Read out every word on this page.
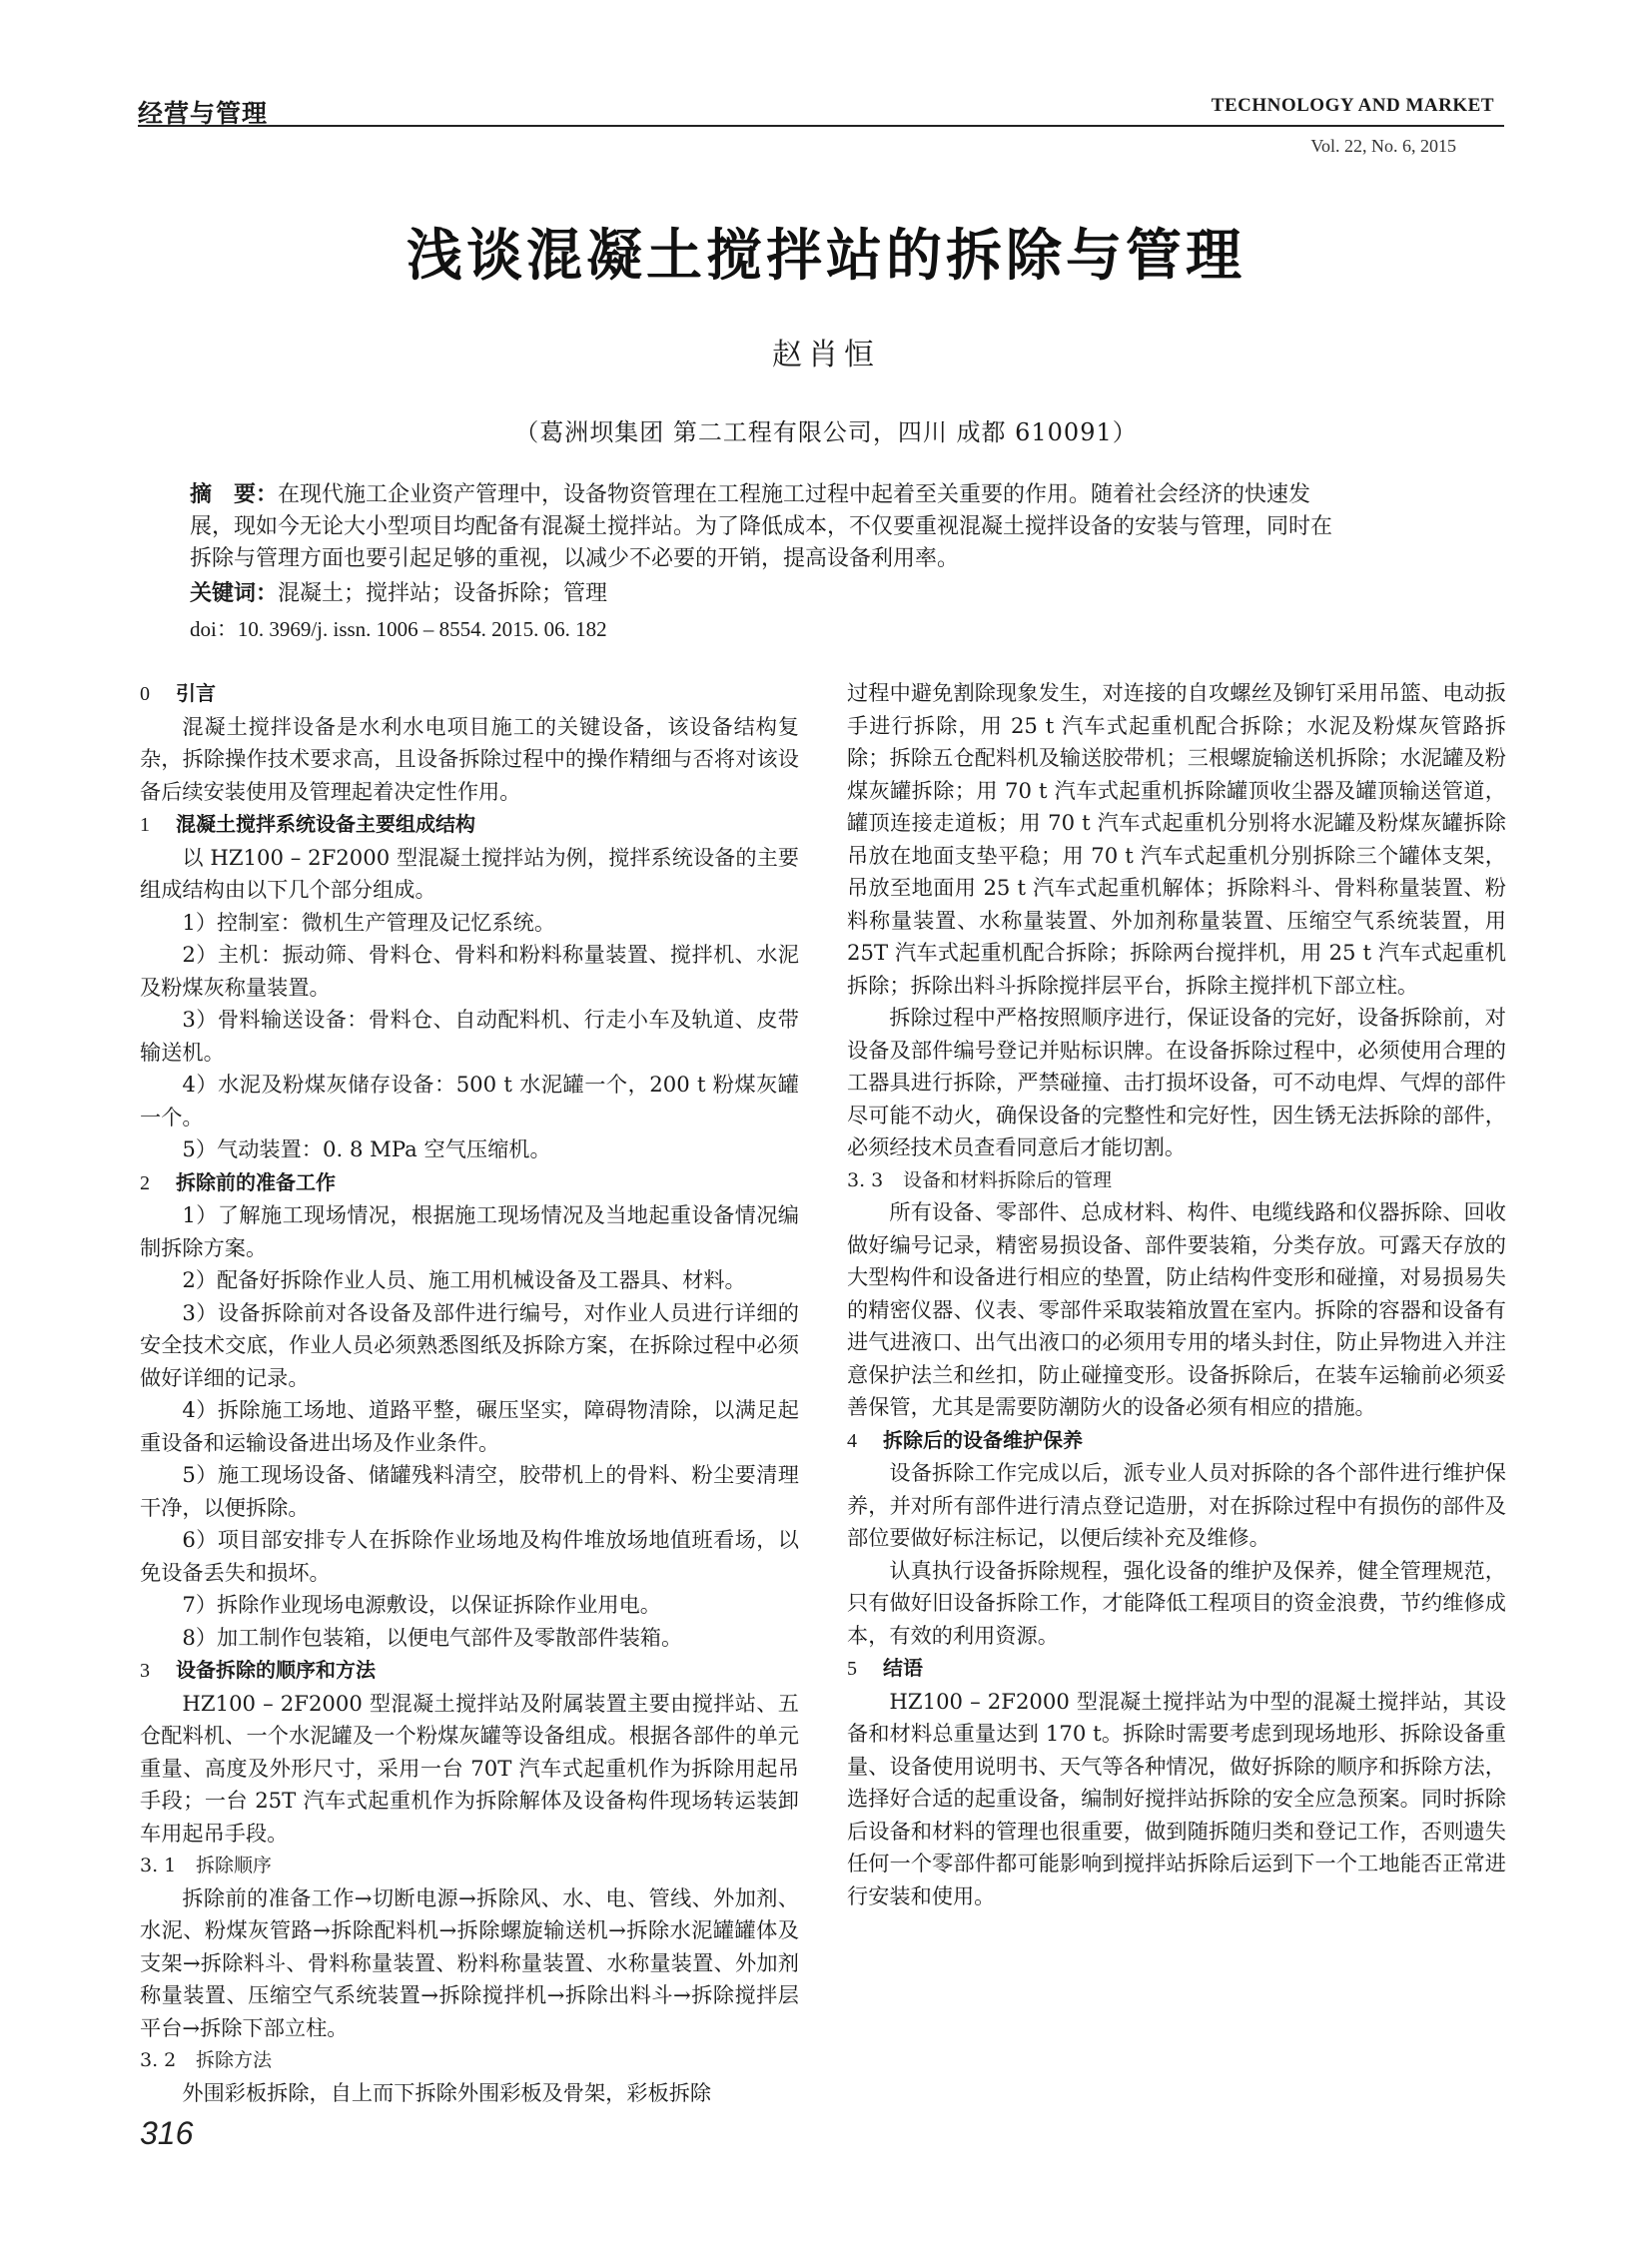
经营与管理	TECHNOLOGY AND MARKET
Vol. 22, No. 6, 2015
浅谈混凝土搅拌站的拆除与管理
赵肖恒
（葛洲坝集团 第二工程有限公司，四川 成都 610091）
摘　要：在现代施工企业资产管理中，设备物资管理在工程施工过程中起着至关重要的作用。随着社会经济的快速发
展，现如今无论大小型项目均配备有混凝土搅拌站。为了降低成本，不仅要重视混凝土搅拌设备的安装与管理，同时在
拆除与管理方面也要引起足够的重视，以减少不必要的开销，提高设备利用率。
关键词：混凝土；搅拌站；设备拆除；管理
doi：10. 3969/j. issn. 1006 – 8554. 2015. 06. 182
0 引言

混凝土搅拌设备是水利水电项目施工的关键设备，该设备结构复杂，拆除操作技术要求高，且设备拆除过程中的操作精细与否将对该设备后续安装使用及管理起着决定性作用。

1 混凝土搅拌系统设备主要组成结构

以 HZ100 – 2F2000 型混凝土搅拌站为例，搅拌系统设备的主要组成结构由以下几个部分组成。

1）控制室：微机生产管理及记忆系统。

2）主机：振动筛、骨料仓、骨料和粉料称量装置、搅拌机、水泥及粉煤灰称量装置。

3）骨料输送设备：骨料仓、自动配料机、行走小车及轨道、皮带输送机。

4）水泥及粉煤灰储存设备：500 t 水泥罐一个，200 t 粉煤灰罐一个。

5）气动装置：0. 8 MPa 空气压缩机。

2 拆除前的准备工作

1）了解施工现场情况，根据施工现场情况及当地起重设备情况编制拆除方案。

2）配备好拆除作业人员、施工用机械设备及工器具、材料。

3）设备拆除前对各设备及部件进行编号，对作业人员进行详细的安全技术交底，作业人员必须熟悉图纸及拆除方案，在拆除过程中必须做好详细的记录。

4）拆除施工场地、道路平整，碾压坚实，障碍物清除，以满足起重设备和运输设备进出场及作业条件。

5）施工现场设备、储罐残料清空，胶带机上的骨料、粉尘要清理干净，以便拆除。

6）项目部安排专人在拆除作业场地及构件堆放场地值班看场，以免设备丢失和损坏。

7）拆除作业现场电源敷设，以保证拆除作业用电。

8）加工制作包装箱，以便电气部件及零散部件装箱。

3 设备拆除的顺序和方法

HZ100 – 2F2000 型混凝土搅拌站及附属装置主要由搅拌站、五仓配料机、一个水泥罐及一个粉煤灰罐等设备组成。根据各部件的单元重量、高度及外形尺寸，采用一台 70T 汽车式起重机作为拆除用起吊手段；一台 25T 汽车式起重机作为拆除解体及设备构件现场转运装卸车用起吊手段。

3. 1 拆除顺序

拆除前的准备工作→切断电源→拆除风、水、电、管线、外加剂、水泥、粉煤灰管路→拆除配料机→拆除螺旋输送机→拆除水泥罐罐体及支架→拆除料斗、骨料称量装置、粉料称量装置、水称量装置、外加剂称量装置、压缩空气系统装置→拆除搅拌机→拆除出料斗→拆除搅拌层平台→拆除下部立柱。

3. 2 拆除方法

外围彩板拆除，自上而下拆除外围彩板及骨架，彩板拆除

过程中避免割除现象发生，对连接的自攻螺丝及铆钉采用吊篮、电动扳手进行拆除，用 25 t 汽车式起重机配合拆除；水泥及粉煤灰管路拆除；拆除五仓配料机及输送胶带机；三根螺旋输送机拆除；水泥罐及粉煤灰罐拆除；用 70 t 汽车式起重机拆除罐顶收尘器及罐顶输送管道，罐顶连接走道板；用 70 t 汽车式起重机分别将水泥罐及粉煤灰罐拆除吊放在地面支垫平稳；用 70 t 汽车式起重机分别拆除三个罐体支架，吊放至地面用 25 t 汽车式起重机解体；拆除料斗、骨料称量装置、粉料称量装置、水称量装置、外加剂称量装置、压缩空气系统装置，用 25T 汽车式起重机配合拆除；拆除两台搅拌机，用 25 t 汽车式起重机拆除；拆除出料斗拆除搅拌层平台，拆除主搅拌机下部立柱。

拆除过程中严格按照顺序进行，保证设备的完好，设备拆除前，对设备及部件编号登记并贴标识牌。在设备拆除过程中，必须使用合理的工器具进行拆除，严禁碰撞、击打损坏设备，可不动电焊、气焊的部件尽可能不动火，确保设备的完整性和完好性，因生锈无法拆除的部件，必须经技术员查看同意后才能切割。

3. 3 设备和材料拆除后的管理

所有设备、零部件、总成材料、构件、电缆线路和仪器拆除、回收做好编号记录，精密易损设备、部件要装箱，分类存放。可露天存放的大型构件和设备进行相应的垫置，防止结构件变形和碰撞，对易损易失的精密仪器、仪表、零部件采取装箱放置在室内。拆除的容器和设备有进气进液口、出气出液口的必须用专用的堵头封住，防止异物进入并注意保护法兰和丝扣，防止碰撞变形。设备拆除后，在装车运输前必须妥善保管，尤其是需要防潮防火的设备必须有相应的措施。

4 拆除后的设备维护保养

设备拆除工作完成以后，派专业人员对拆除的各个部件进行维护保养，并对所有部件进行清点登记造册，对在拆除过程中有损伤的部件及部位要做好标注标记，以便后续补充及维修。

认真执行设备拆除规程，强化设备的维护及保养，健全管理规范，只有做好旧设备拆除工作，才能降低工程项目的资金浪费，节约维修成本，有效的利用资源。

5 结语

HZ100 – 2F2000 型混凝土搅拌站为中型的混凝土搅拌站，其设备和材料总重量达到 170 t。拆除时需要考虑到现场地形、拆除设备重量、设备使用说明书、天气等各种情况，做好拆除的顺序和拆除方法，选择好合适的起重设备，编制好搅拌站拆除的安全应急预案。同时拆除后设备和材料的管理也很重要，做到随拆随归类和登记工作，否则遗失任何一个零部件都可能影响到搅拌站拆除后运到下一个工地能否正常进行安装和使用。

316
